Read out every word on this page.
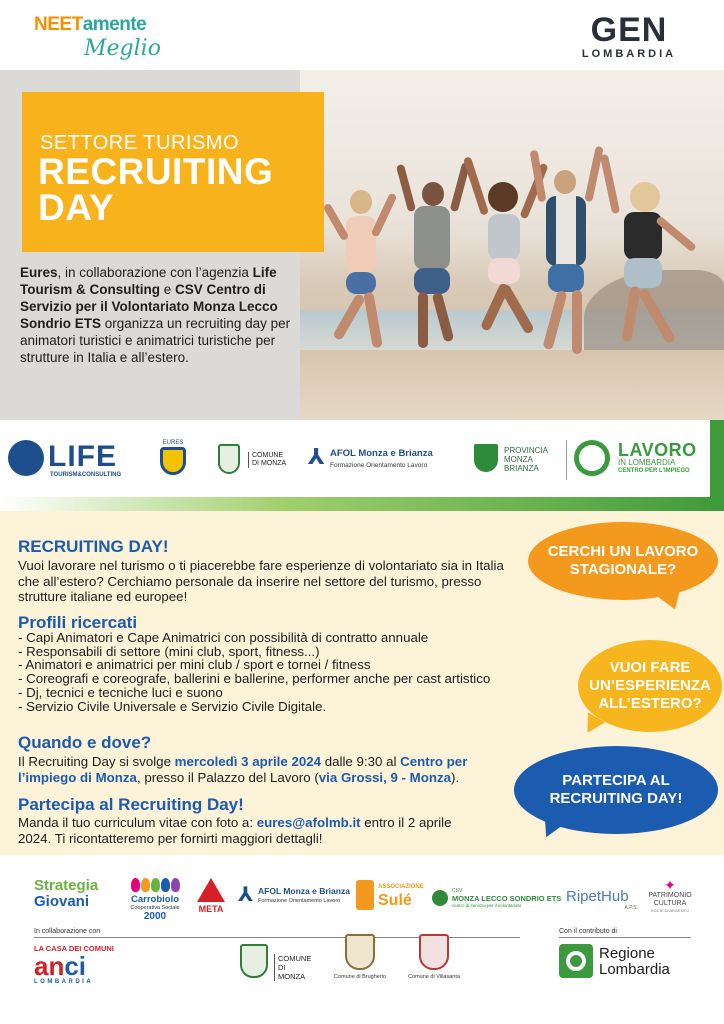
NEETamente
Meglio	GEN
LOMBARDIA
SETTORE TURISMO
RECRUITING
DAY
Eures, in collaborazione con l’agenzia Life Tourism & Consulting e CSV Centro di Servizio per il Volontariato Monza Lecco Sondrio ETS organizza un recruiting day per animatori turistici e animatrici turistiche per strutture in Italia e all’estero.
LIFE
TOURISM&CONSULTING
EURES
COMUNE DI MONZA ⅄ AFOL Monza e Brianza
Formazione Orientamento Lavoro
PROVINCIA MONZA BRIANZA
LAVORO
IN LOMBARDIA
CENTRO PER L’IMPIEGO
RECRUITING DAY!
Vuoi lavorare nel turismo o ti piacerebbe fare esperienze di volontariato sia in Italia che all’estero? Cerchiamo personale da inserire nel settore del turismo, presso strutture italiane ed europee!
Profili ricercati
- Capi Animatori e Cape Animatrici con possibilità di contratto annuale
- Responsabili di settore (mini club, sport, fitness...)
- Animatori e animatrici per mini club / sport e tornei / fitness
- Coreografi e coreografe, ballerini e ballerine, performer anche per cast artistico
- Dj, tecnici e tecniche luci e suono
- Servizio Civile Universale e Servizio Civile Digitale.
Quando e dove?
Il Recruiting Day si svolge mercoledì 3 aprile 2024 dalle 9:30 al Centro per l’impiego di Monza, presso il Palazzo del Lavoro (via Grossi, 9 - Monza).
Partecipa al Recruiting Day!
Manda il tuo curriculum vitae con foto a: eures@afolmb.it entro il 2 aprile 2024. Ti ricontatteremo per fornirti maggiori dettagli!
CERCHI UN LAVORO STAGIONALE?
VUOI FARE UN’ESPERIENZA ALL’ESTERO?
PARTECIPA AL RECRUITING DAY!
Strategia
Giovani	Carrobiolo
Cooperativa Sociale
2000
META
⅄ AFOL Monza e Brianza
Formazione Orientamento Lavoro
ASSOCIAZIONE
Sulé
CSV
MONZA LECCO SONDRIO ETS
centro di servizio per il volontariato
RipetHub
A.P.S.
✦
PATRIMONIO CULTURA
SOCIE DI ARGENTO
In collaborazione con	Con il contributo di
LA CASA DEI COMUNI
anci
LOMBARDIA
COMUNE DI MONZA	Comune di Brugherio	Comune di Villasanta
Regione Lombardia
